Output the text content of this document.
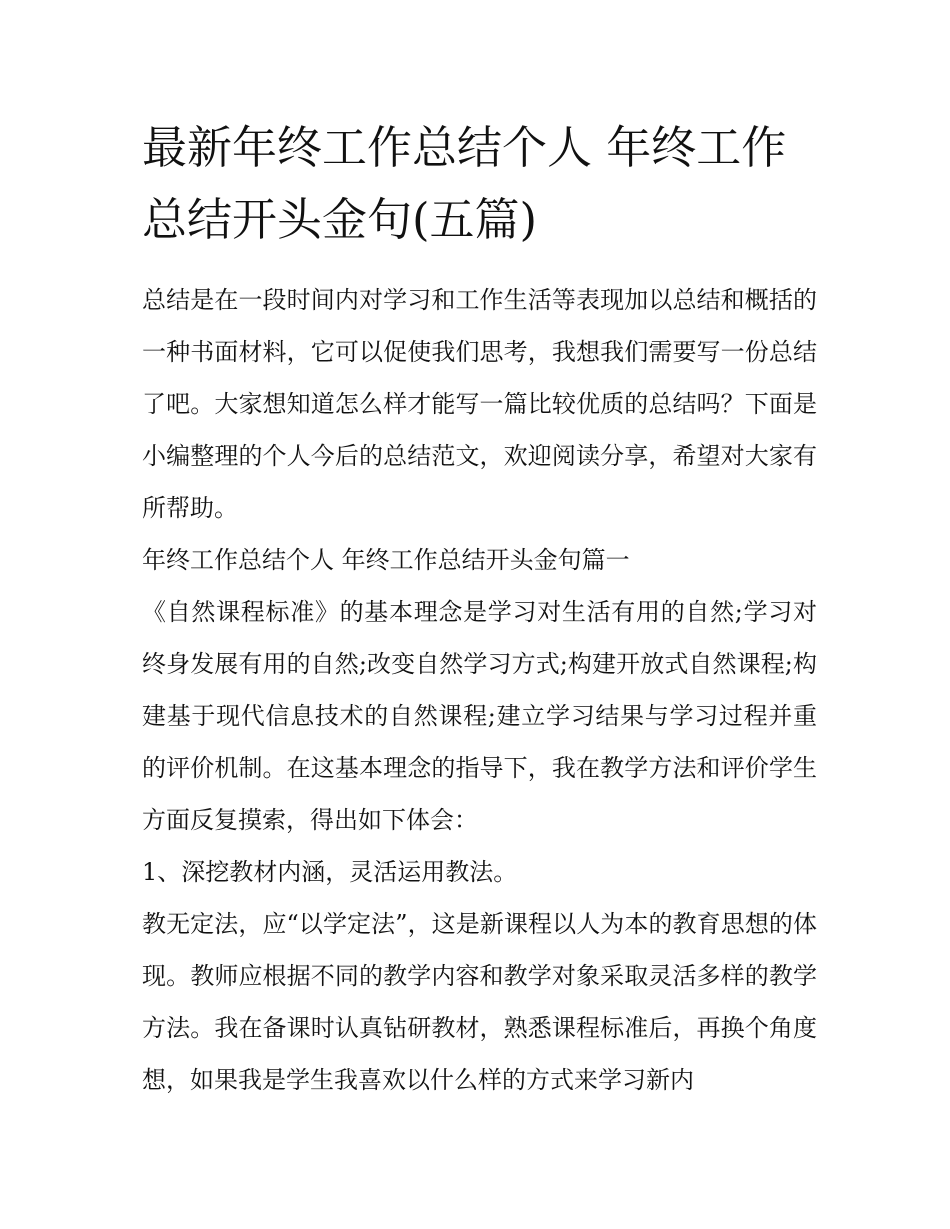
最新年终工作总结个人 年终工作总结开头金句(五篇)

总结是在一段时间内对学习和工作生活等表现加以总结和概括的一种书面材料，它可以促使我们思考，我想我们需要写一份总结了吧。大家想知道怎么样才能写一篇比较优质的总结吗？下面是小编整理的个人今后的总结范文，欢迎阅读分享，希望对大家有所帮助。

年终工作总结个人 年终工作总结开头金句篇一

《自然课程标准》的基本理念是学习对生活有用的自然;学习对终身发展有用的自然;改变自然学习方式;构建开放式自然课程;构建基于现代信息技术的自然课程;建立学习结果与学习过程并重的评价机制。在这基本理念的指导下，我在教学方法和评价学生方面反复摸索，得出如下体会：

1、深挖教材内涵，灵活运用教法。

教无定法，应“以学定法”，这是新课程以人为本的教育思想的体现。教师应根据不同的教学内容和教学对象采取灵活多样的教学方法。我在备课时认真钻研教材，熟悉课程标准后，再换个角度想，如果我是学生我喜欢以什么样的方式来学习新内
